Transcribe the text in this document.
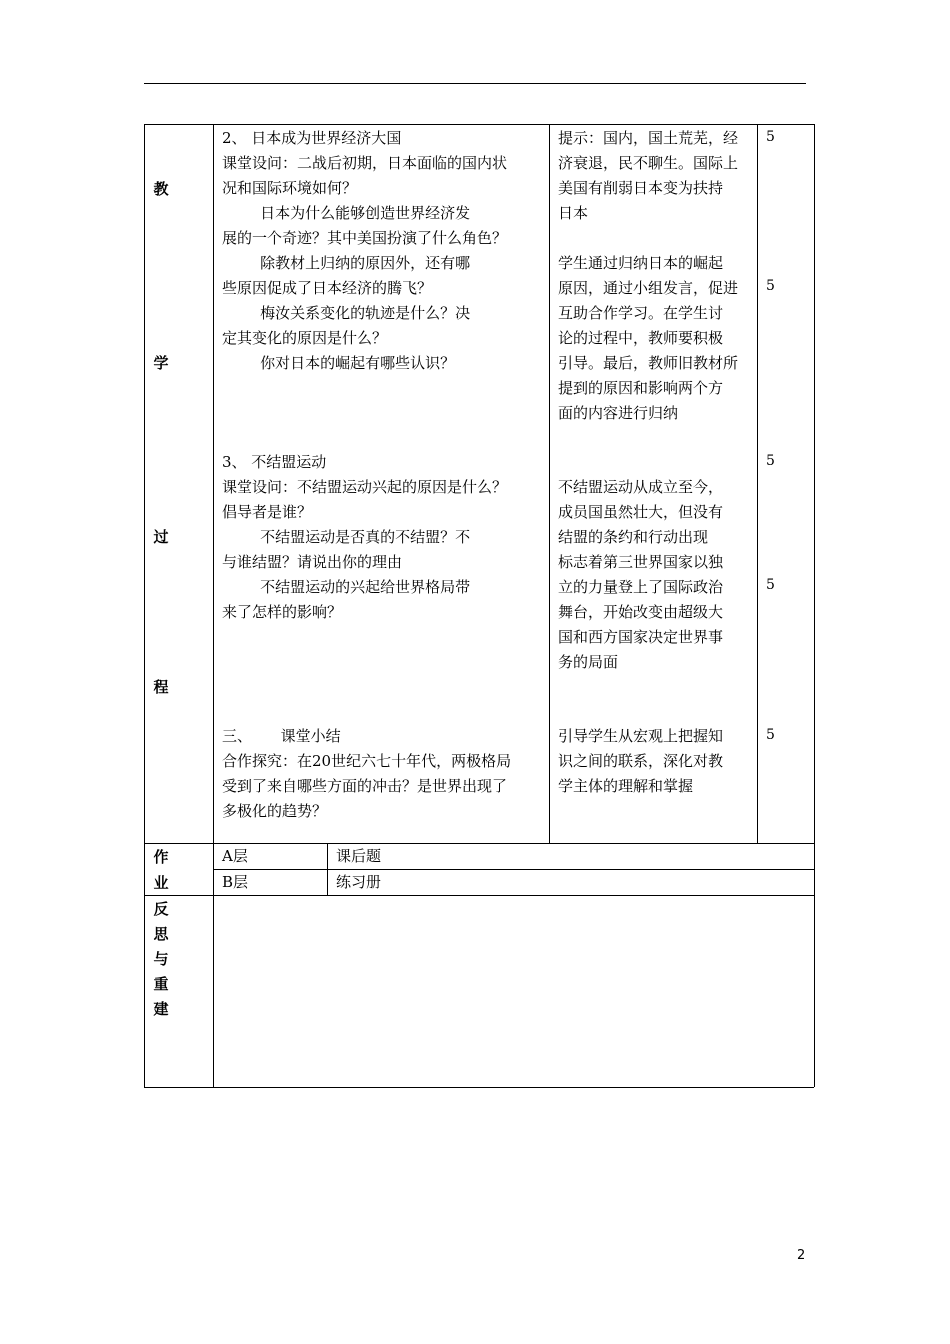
教
学
过
程
2、 日本成为世界经济大国
课堂设问：二战后初期，日本面临的国内状
况和国际环境如何？
日本为什么能够创造世界经济发
展的一个奇迹？其中美国扮演了什么角色？
除教材上归纳的原因外，还有哪
些原因促成了日本经济的腾飞？
梅汝关系变化的轨迹是什么？决
定其变化的原因是什么？
你对日本的崛起有哪些认识？
3、 不结盟运动
课堂设问：不结盟运动兴起的原因是什么？
倡导者是谁？
不结盟运动是否真的不结盟？不
与谁结盟？请说出你的理由
不结盟运动的兴起给世界格局带
来了怎样的影响？
三、      课堂小结
合作探究：在20世纪六七十年代，两极格局
受到了来自哪些方面的冲击？是世界出现了
多极化的趋势？
提示：国内，国土荒芜，经
济衰退，民不聊生。国际上
美国有削弱日本变为扶持
日本
学生通过归纳日本的崛起
原因，通过小组发言，促进
互助合作学习。在学生讨
论的过程中，教师要积极
引导。最后，教师旧教材所
提到的原因和影响两个方
面的内容进行归纳
不结盟运动从成立至今，
成员国虽然壮大，但没有
结盟的条约和行动出现
标志着第三世界国家以独
立的力量登上了国际政治
舞台，开始改变由超级大
国和西方国家决定世界事
务的局面
引导学生从宏观上把握知
识之间的联系，深化对教
学主体的理解和掌握
5
5
5
5
5
作
业
A层	课后题
B层	练习册
反
思
与
重
建
2
